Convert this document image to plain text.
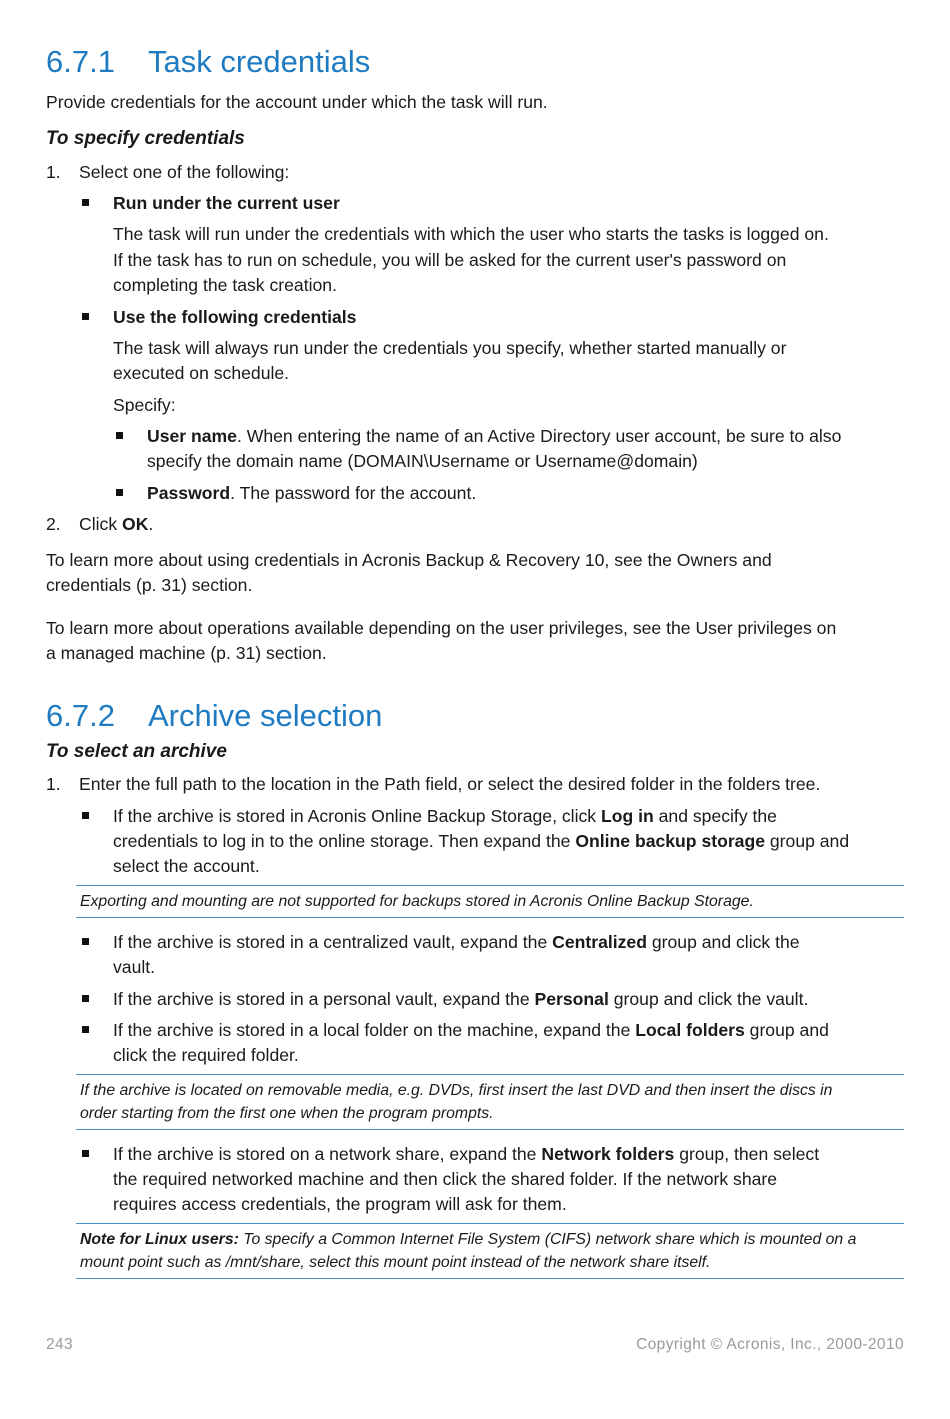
6.7.1 Task credentials
Provide credentials for the account under which the task will run.
To specify credentials
1. Select one of the following:
Run under the current user
The task will run under the credentials with which the user who starts the tasks is logged on.
If the task has to run on schedule, you will be asked for the current user's password on
completing the task creation.
Use the following credentials
The task will always run under the credentials you specify, whether started manually or
executed on schedule.
Specify:
User name. When entering the name of an Active Directory user account, be sure to also
specify the domain name (DOMAIN\Username or Username@domain)
Password. The password for the account.
2. Click OK.
To learn more about using credentials in Acronis Backup & Recovery 10, see the Owners and
credentials (p. 31) section.
To learn more about operations available depending on the user privileges, see the User privileges on
a managed machine (p. 31) section.
6.7.2 Archive selection
To select an archive
1. Enter the full path to the location in the Path field, or select the desired folder in the folders tree.
If the archive is stored in Acronis Online Backup Storage, click Log in and specify the
credentials to log in to the online storage. Then expand the Online backup storage group and
select the account.
Exporting and mounting are not supported for backups stored in Acronis Online Backup Storage.
If the archive is stored in a centralized vault, expand the Centralized group and click the
vault.
If the archive is stored in a personal vault, expand the Personal group and click the vault.
If the archive is stored in a local folder on the machine, expand the Local folders group and
click the required folder.
If the archive is located on removable media, e.g. DVDs, first insert the last DVD and then insert the discs in
order starting from the first one when the program prompts.
If the archive is stored on a network share, expand the Network folders group, then select
the required networked machine and then click the shared folder. If the network share
requires access credentials, the program will ask for them.
Note for Linux users: To specify a Common Internet File System (CIFS) network share which is mounted on a
mount point such as /mnt/share, select this mount point instead of the network share itself.
243	Copyright © Acronis, Inc., 2000-2010
